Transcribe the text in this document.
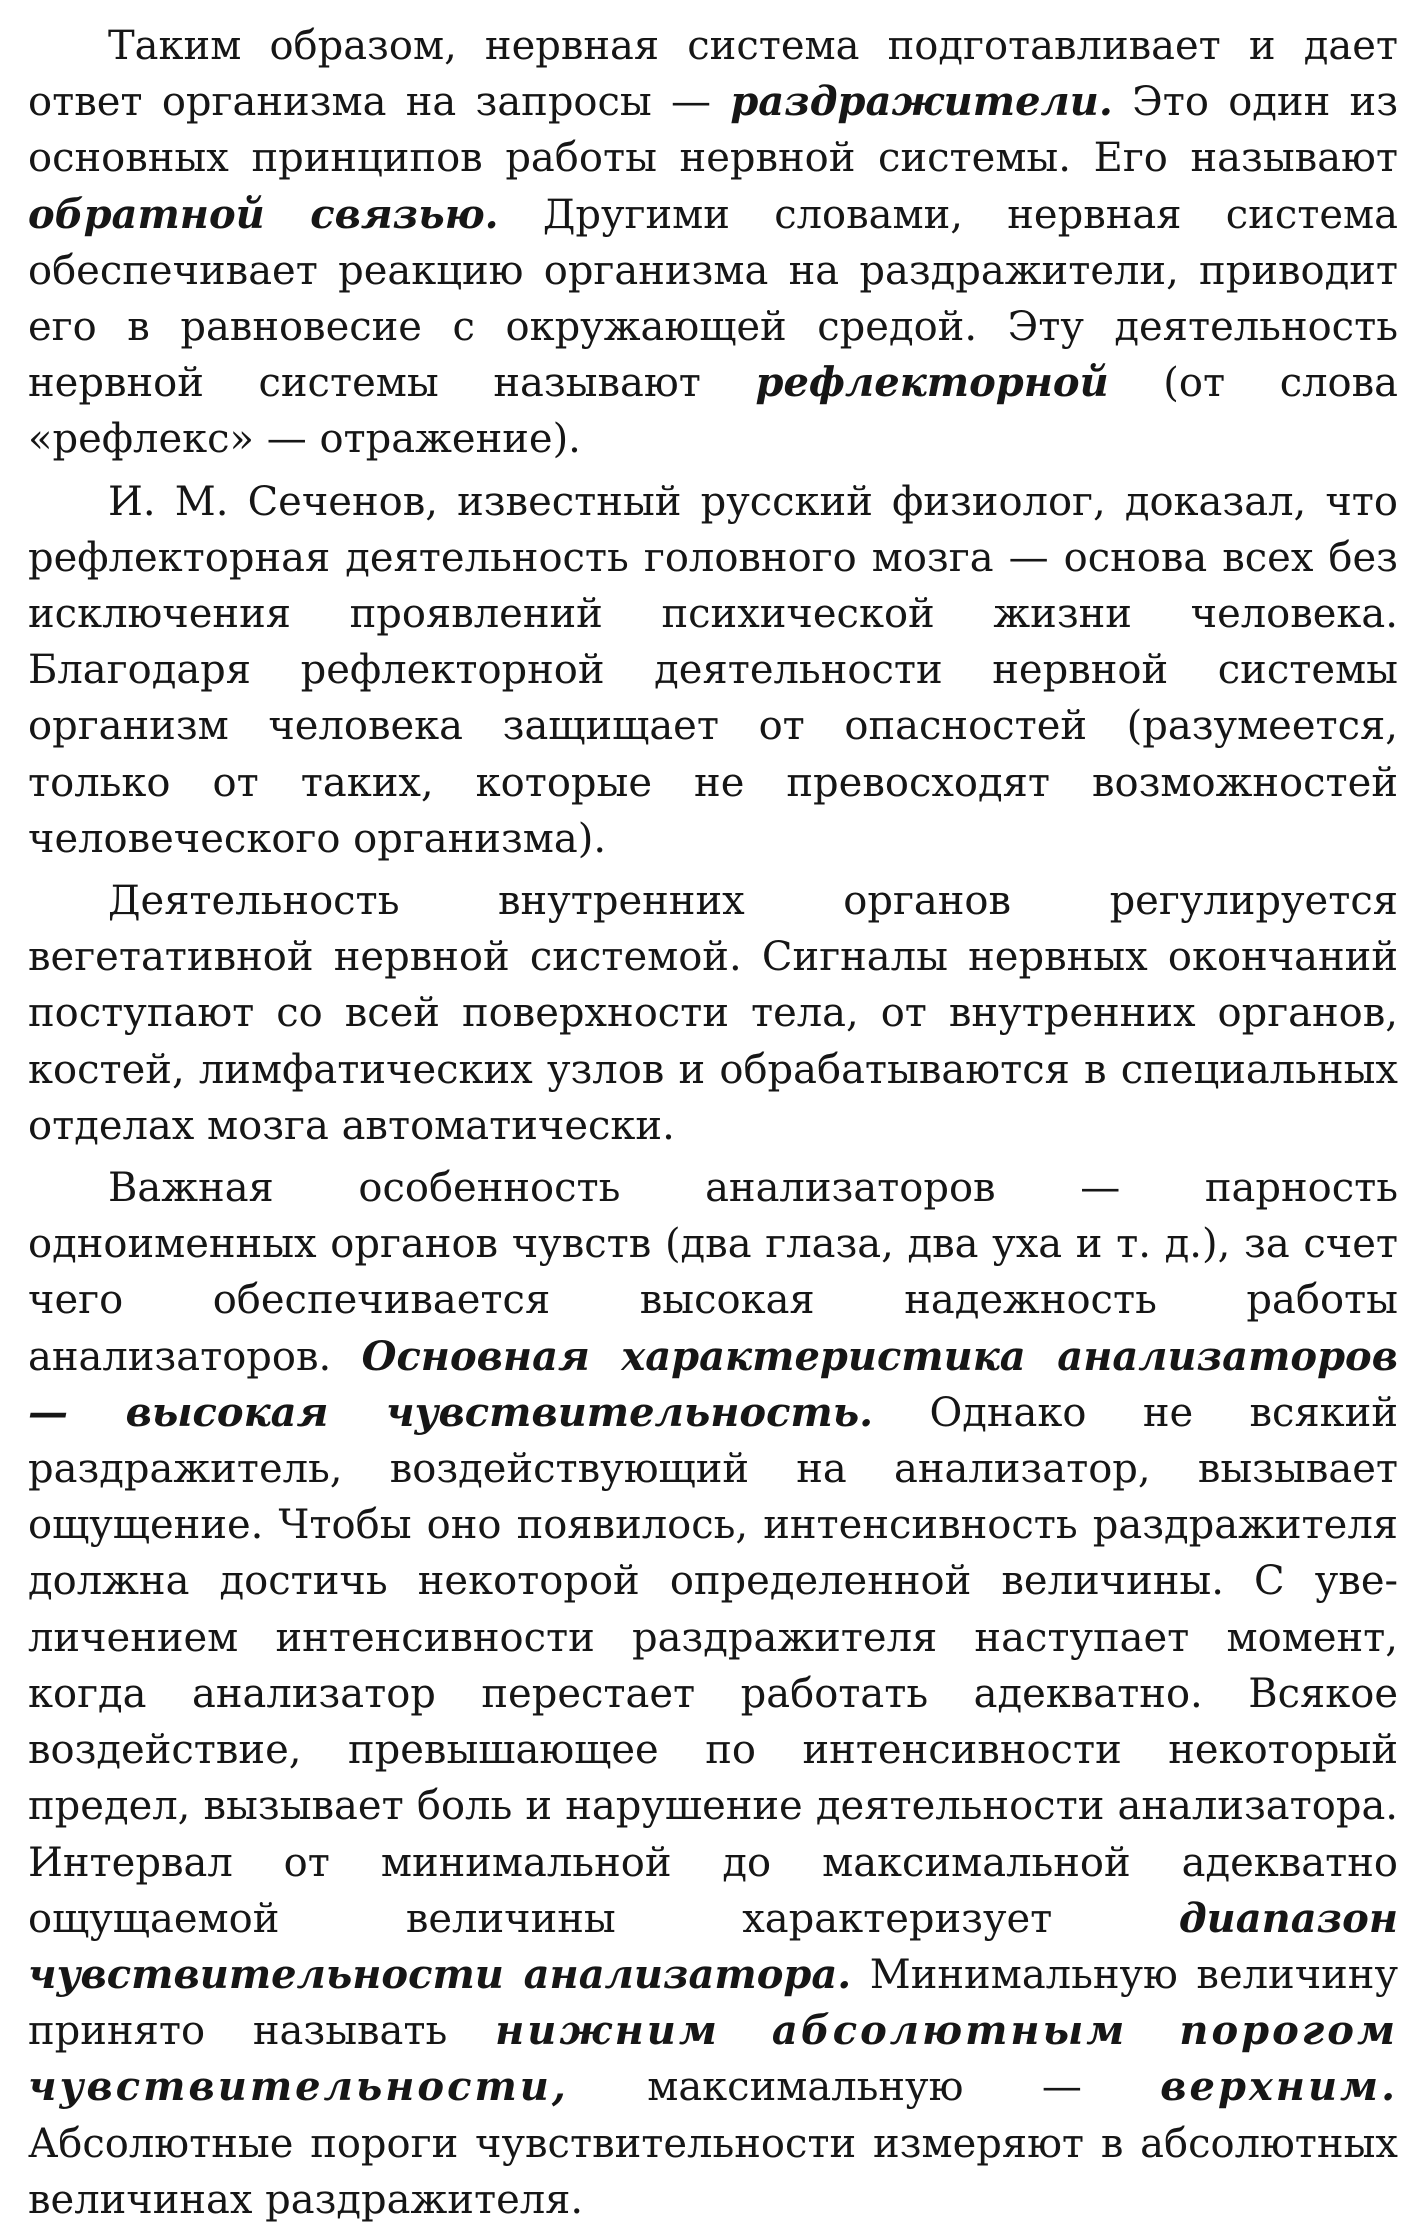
Таким образом, нервная система подготавливает и дает ответ организма на запросы — раздражители. Это один из основных принципов работы нервной системы. Его называют обратной связью. Другими словами, нервная система обеспечивает реакцию организма на раздражители, приводит его в равновесие с окружающей средой. Эту деятельность нервной системы называют рефлекторной (от слова «рефлекс» — отражение).

И. М. Сеченов, известный русский физиолог, доказал, что рефлекторная деятельность головного мозга — основа всех без исключения проявлений психической жизни человека. Благодаря рефлекторной деятельности нервной системы организм человека защищает от опасностей (разумеется, только от таких, которые не превосходят возможностей человеческого организма).

Деятельность внутренних органов регулируется вегетативной нервной системой. Сигналы нервных окончаний поступают со всей поверхности тела, от внутренних органов, костей, лимфатических узлов и обрабатываются в специальных отделах мозга автоматически.

Важная особенность анализаторов — парность одноименных органов чувств (два глаза, два уха и т. д.), за счет чего обеспечивается высокая надежность работы анализаторов. Основная характеристика анализаторов — высокая чувствительность. Однако не всякий раздражитель, воздействующий на анализатор, вызывает ощущение. Чтобы оно появилось, интенсивность раздражителя должна достичь некоторой определенной величины. С увеличением интенсивности раздражителя наступает момент, когда анализатор перестает работать адекватно. Всякое воздействие, превышающее по интенсивности некоторый предел, вызывает боль и нарушение деятельности анализатора. Интервал от минимальной до максимальной адекватно ощущаемой величины характеризует диапазон чувствительности анализатора. Минимальную величину принято называть нижним абсолютным порогом чувствительности, максимальную — верхним. Абсолютные пороги чувствительности измеряют в абсолютных величинах раздражителя.
